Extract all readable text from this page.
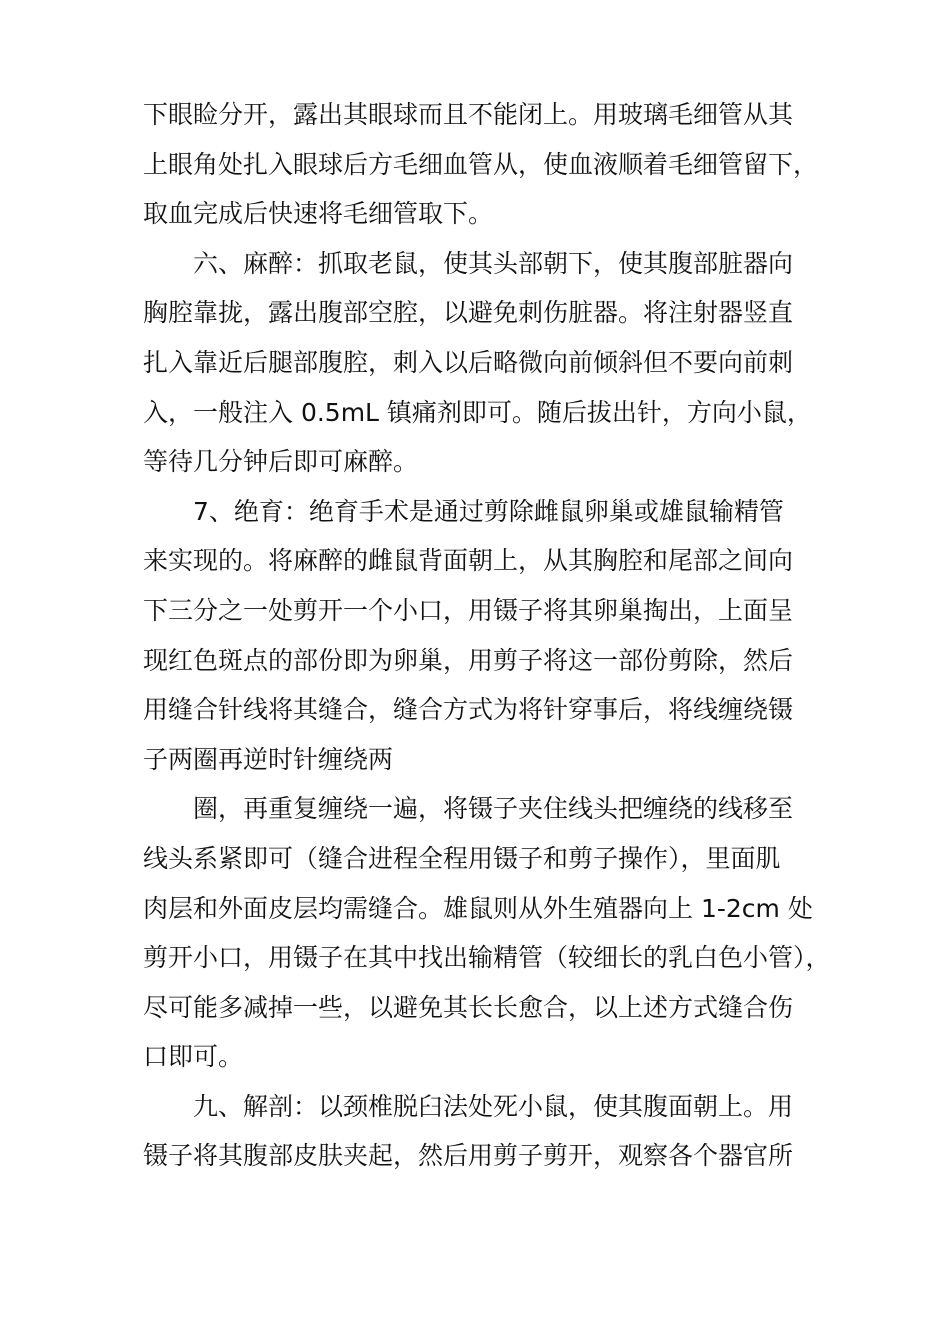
下眼睑分开，露出其眼球而且不能闭上。用玻璃毛细管从其
上眼角处扎入眼球后方毛细血管从，使血液顺着毛细管留下，
取血完成后快速将毛细管取下。
六、麻醉：抓取老鼠，使其头部朝下，使其腹部脏器向
胸腔靠拢，露出腹部空腔，以避免刺伤脏器。将注射器竖直
扎入靠近后腿部腹腔，刺入以后略微向前倾斜但不要向前刺
入，一般注入 0.5mL 镇痛剂即可。随后拔出针，方向小鼠，
等待几分钟后即可麻醉。
7、绝育：绝育手术是通过剪除雌鼠卵巢或雄鼠输精管
来实现的。将麻醉的雌鼠背面朝上，从其胸腔和尾部之间向
下三分之一处剪开一个小口，用镊子将其卵巢掏出，上面呈
现红色斑点的部份即为卵巢，用剪子将这一部份剪除，然后
用缝合针线将其缝合，缝合方式为将针穿事后，将线缠绕镊
子两圈再逆时针缠绕两
圈，再重复缠绕一遍，将镊子夹住线头把缠绕的线移至
线头系紧即可（缝合进程全程用镊子和剪子操作），里面肌
肉层和外面皮层均需缝合。雄鼠则从外生殖器向上 1-2cm 处
剪开小口，用镊子在其中找出输精管（较细长的乳白色小管），
尽可能多减掉一些，以避免其长长愈合，以上述方式缝合伤
口即可。
九、解剖：以颈椎脱臼法处死小鼠，使其腹面朝上。用
镊子将其腹部皮肤夹起，然后用剪子剪开，观察各个器官所
